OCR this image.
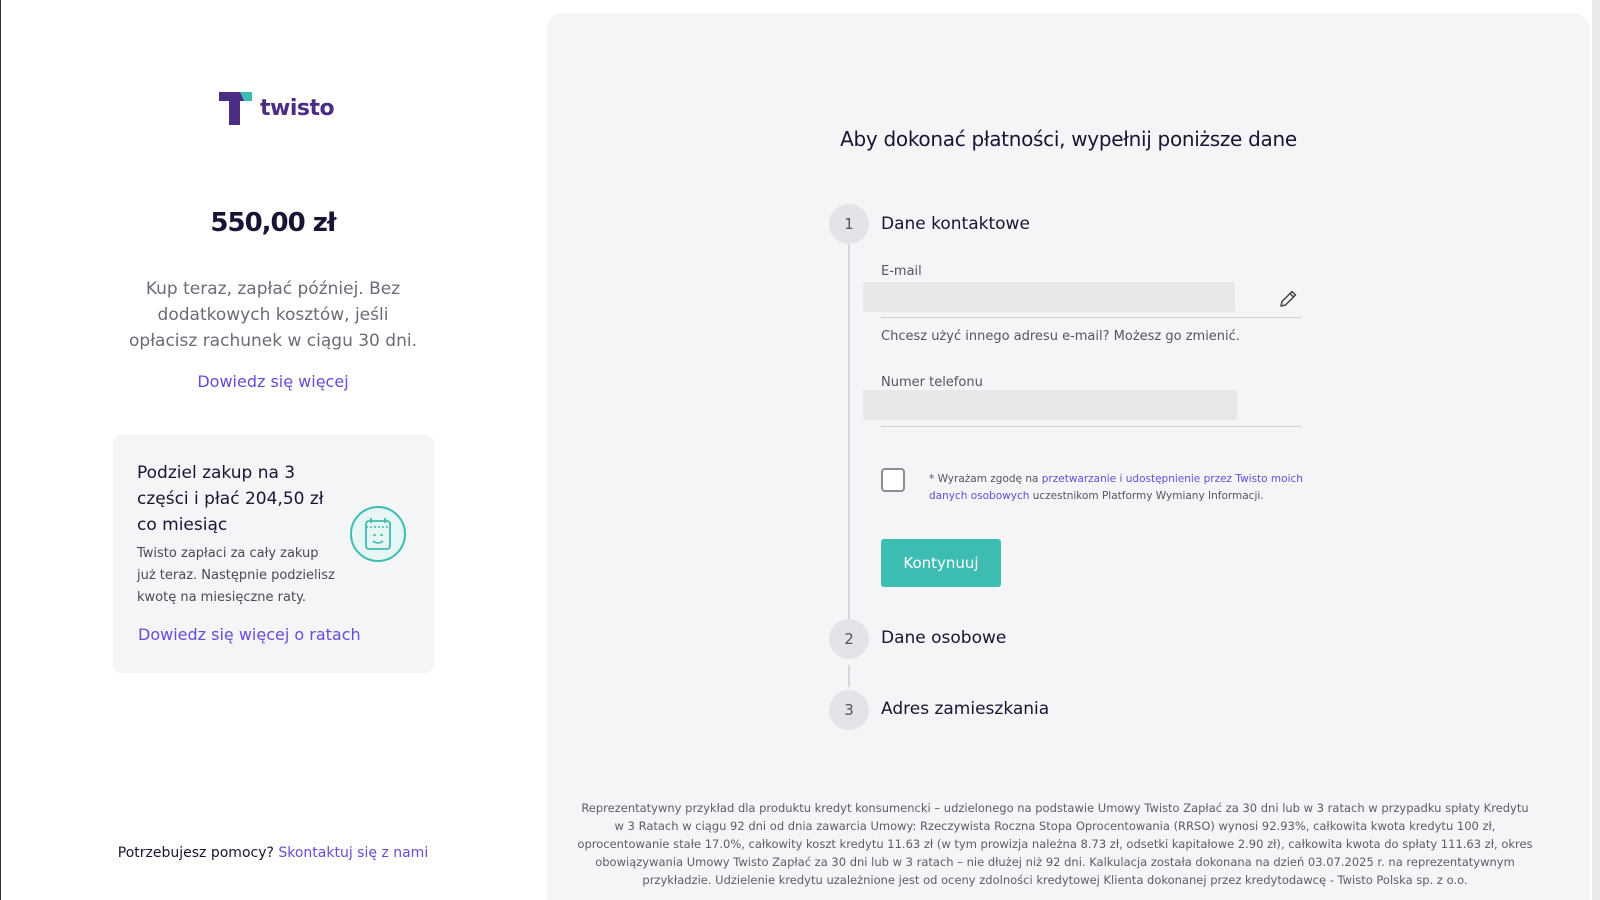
twisto
550,00 zł
Kup teraz, zapłać później. Bez dodatkowych kosztów, jeśli opłacisz rachunek w ciągu 30 dni.
Dowiedz się więcej
Podziel zakup na 3 części i płać 204,50 zł co miesiąc
Twisto zapłaci za cały zakup już teraz. Następnie podzielisz kwotę na miesięczne raty.
Dowiedz się więcej o ratach
Potrzebujesz pomocy? Skontaktuj się z nami
Aby dokonać płatności, wypełnij poniższe dane
1	Dane kontaktowe
E-mail
Chcesz użyć innego adresu e-mail? Możesz go zmienić.
Numer telefonu
* Wyrażam zgodę na przetwarzanie i udostępnienie przez Twisto moich danych osobowych uczestnikom Platformy Wymiany Informacji.
Kontynuuj
2	Dane osobowe
3	Adres zamieszkania
Reprezentatywny przykład dla produktu kredyt konsumencki – udzielonego na podstawie Umowy Twisto Zapłać za 30 dni lub w 3 ratach w przypadku spłaty Kredytu w 3 Ratach w ciągu 92 dni od dnia zawarcia Umowy: Rzeczywista Roczna Stopa Oprocentowania (RRSO) wynosi 92.93%, całkowita kwota kredytu 100 zł, oprocentowanie stałe 17.0%, całkowity koszt kredytu 11.63 zł (w tym prowizja należna 8.73 zł, odsetki kapitałowe 2.90 zł), całkowita kwota do spłaty 111.63 zł, okres obowiązywania Umowy Twisto Zapłać za 30 dni lub w 3 ratach – nie dłużej niż 92 dni. Kalkulacja została dokonana na dzień 03.07.2025 r. na reprezentatywnym przykładzie. Udzielenie kredytu uzależnione jest od oceny zdolności kredytowej Klienta dokonanej przez kredytodawcę - Twisto Polska sp. z o.o.
